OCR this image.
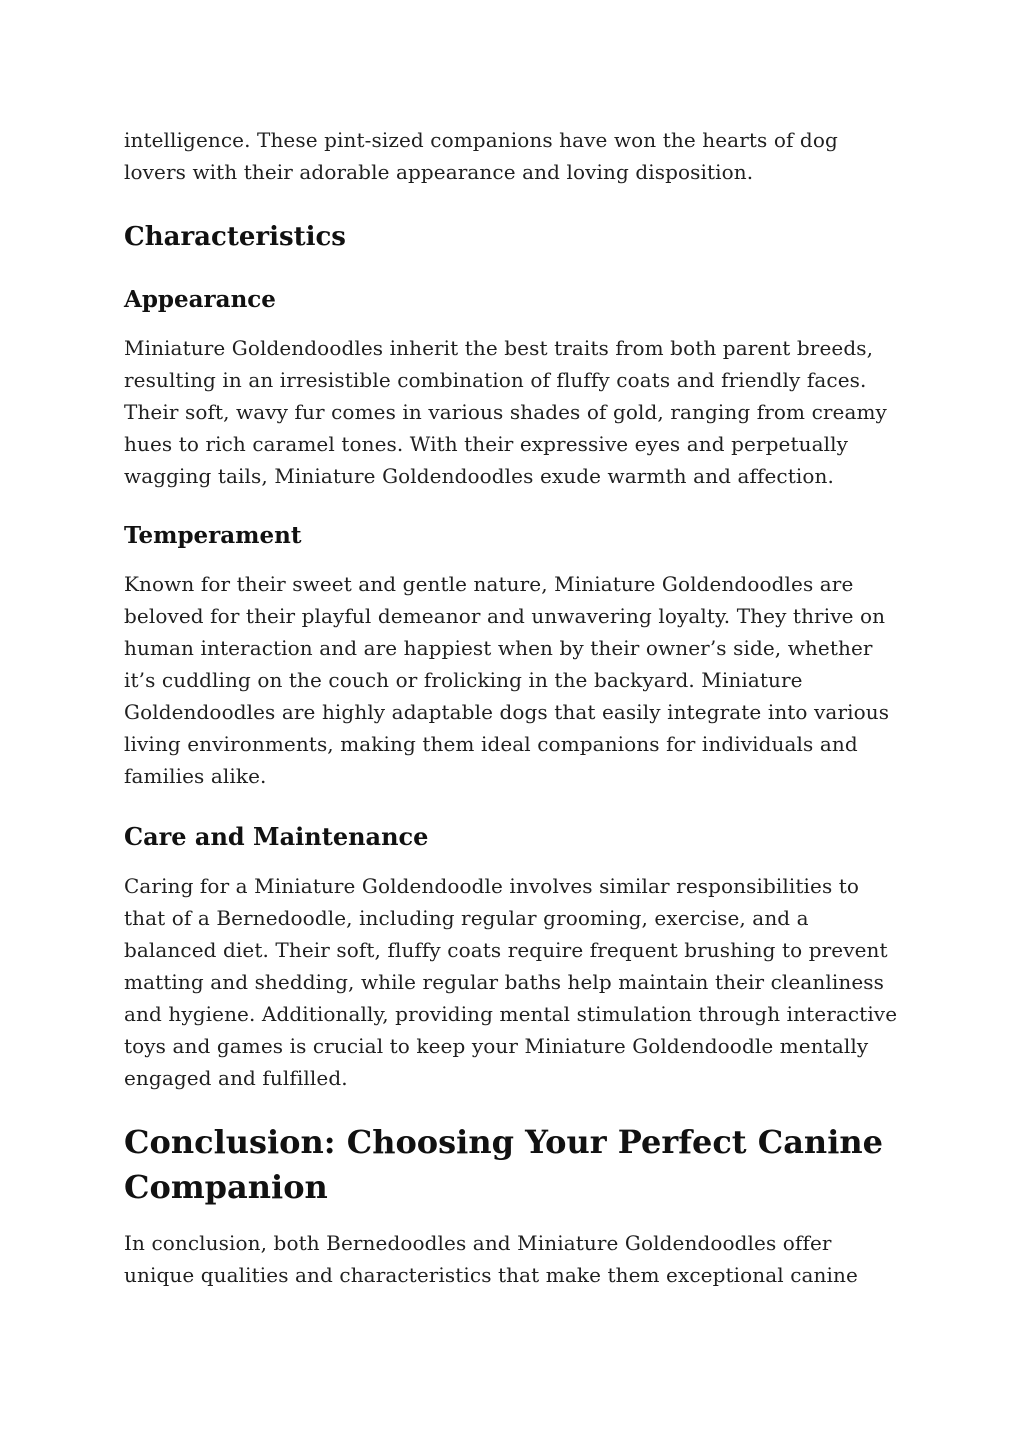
intelligence. These pint-sized companions have won the hearts of dog lovers with their adorable appearance and loving disposition.

Characteristics
Appearance

Miniature Goldendoodles inherit the best traits from both parent breeds, resulting in an irresistible combination of fluffy coats and friendly faces. Their soft, wavy fur comes in various shades of gold, ranging from creamy hues to rich caramel tones. With their expressive eyes and perpetually wagging tails, Miniature Goldendoodles exude warmth and affection.

Temperament

Known for their sweet and gentle nature, Miniature Goldendoodles are beloved for their playful demeanor and unwavering loyalty. They thrive on human interaction and are happiest when by their owner’s side, whether it’s cuddling on the couch or frolicking in the backyard. Miniature Goldendoodles are highly adaptable dogs that easily integrate into various living environments, making them ideal companions for individuals and families alike.

Care and Maintenance

Caring for a Miniature Goldendoodle involves similar responsibilities to that of a Bernedoodle, including regular grooming, exercise, and a balanced diet. Their soft, fluffy coats require frequent brushing to prevent matting and shedding, while regular baths help maintain their cleanliness and hygiene. Additionally, providing mental stimulation through interactive toys and games is crucial to keep your Miniature Goldendoodle mentally engaged and fulfilled.

Conclusion: Choosing Your Perfect Canine Companion

In conclusion, both Bernedoodles and Miniature Goldendoodles offer unique qualities and characteristics that make them exceptional canine
